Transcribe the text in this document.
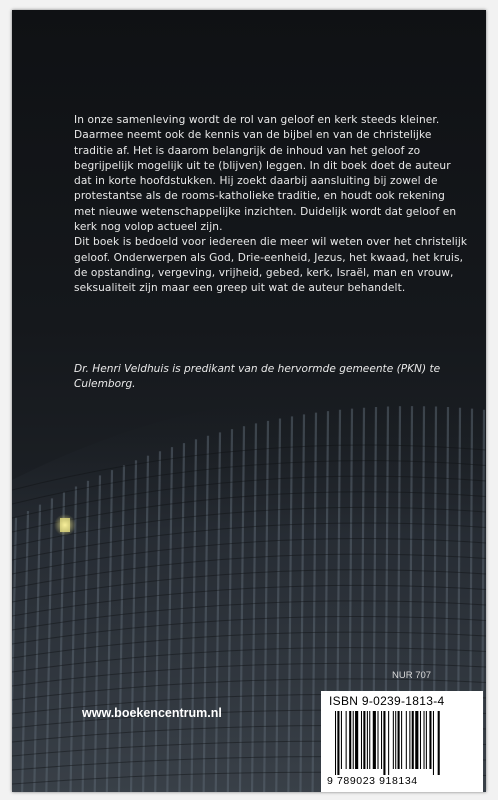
In onze samenleving wordt de rol van geloof en kerk steeds kleiner. Daarmee neemt ook de kennis van de bijbel en van de christelijke traditie af. Het is daarom belangrijk de inhoud van het geloof zo begrijpelijk mogelijk uit te (blijven) leggen. In dit boek doet de auteur dat in korte hoofdstukken. Hij zoekt daarbij aansluiting bij zowel de protestantse als de rooms-katholieke traditie, en houdt ook rekening met nieuwe wetenschappelijke inzichten. Duidelijk wordt dat geloof en kerk nog volop actueel zijn.

Dit boek is bedoeld voor iedereen die meer wil weten over het christelijk geloof. Onderwerpen als God, Drie-eenheid, Jezus, het kwaad, het kruis, de opstanding, vergeving, vrijheid, gebed, kerk, Israël, man en vrouw, seksualiteit zijn maar een greep uit wat de auteur behandelt.

Dr. Henri Veldhuis is predikant van de hervormde gemeente (PKN) te Culemborg.
NUR 707
www.boekencentrum.nl
ISBN 9-0239-1813-4
9 789023 918134
